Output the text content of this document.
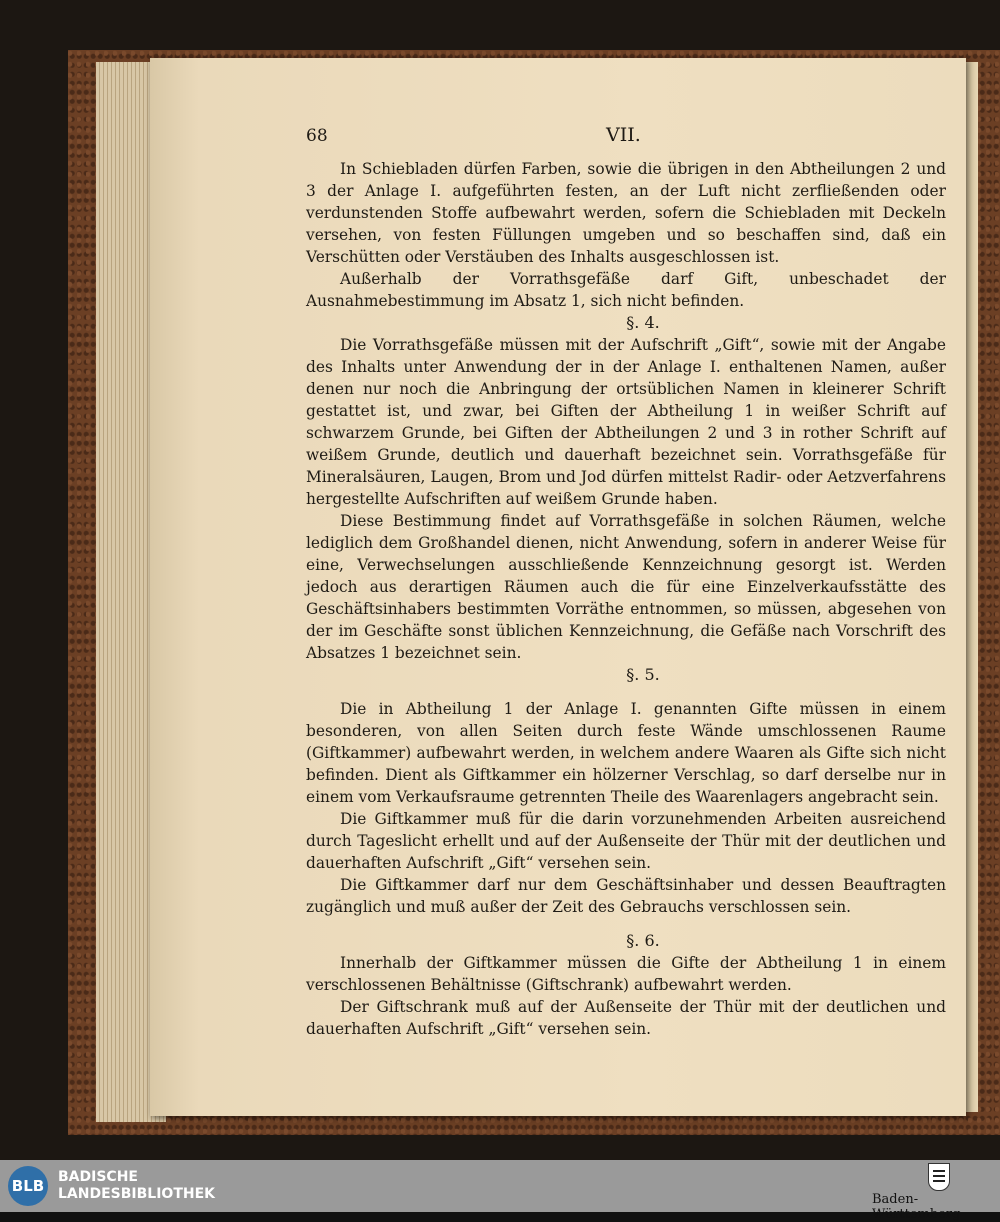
68	VII.

In Schiebladen dürfen Farben, sowie die übrigen in den Abtheilungen 2 und 3 der Anlage I. aufgeführten festen, an der Luft nicht zerfließenden oder verdunstenden Stoffe aufbewahrt werden, sofern die Schiebladen mit Deckeln versehen, von festen Füllungen umgeben und so beschaffen sind, daß ein Verschütten oder Verstäuben des Inhalts ausgeschlossen ist.

Außerhalb der Vorrathsgefäße darf Gift, unbeschadet der Ausnahmebestimmung im Absatz 1, sich nicht befinden.

§. 4.

Die Vorrathsgefäße müssen mit der Aufschrift „Gift“, sowie mit der Angabe des Inhalts unter Anwendung der in der Anlage I. enthaltenen Namen, außer denen nur noch die Anbringung der ortsüblichen Namen in kleinerer Schrift gestattet ist, und zwar, bei Giften der Abtheilung 1 in weißer Schrift auf schwarzem Grunde, bei Giften der Abtheilungen 2 und 3 in rother Schrift auf weißem Grunde, deutlich und dauerhaft bezeichnet sein. Vorrathsgefäße für Mineralsäuren, Laugen, Brom und Jod dürfen mittelst Radir- oder Aetzverfahrens hergestellte Aufschriften auf weißem Grunde haben.

Diese Bestimmung findet auf Vorrathsgefäße in solchen Räumen, welche lediglich dem Großhandel dienen, nicht Anwendung, sofern in anderer Weise für eine, Verwechselungen ausschließende Kennzeichnung gesorgt ist. Werden jedoch aus derartigen Räumen auch die für eine Einzelverkaufsstätte des Geschäftsinhabers bestimmten Vorräthe entnommen, so müssen, abgesehen von der im Geschäfte sonst üblichen Kennzeichnung, die Gefäße nach Vorschrift des Absatzes 1 bezeichnet sein.

§. 5.

Die in Abtheilung 1 der Anlage I. genannten Gifte müssen in einem besonderen, von allen Seiten durch feste Wände umschlossenen Raume (Giftkammer) aufbewahrt werden, in welchem andere Waaren als Gifte sich nicht befinden. Dient als Giftkammer ein hölzerner Verschlag, so darf derselbe nur in einem vom Verkaufsraume getrennten Theile des Waarenlagers angebracht sein.

Die Giftkammer muß für die darin vorzunehmenden Arbeiten ausreichend durch Tageslicht erhellt und auf der Außenseite der Thür mit der deutlichen und dauerhaften Aufschrift „Gift“ versehen sein.

Die Giftkammer darf nur dem Geschäftsinhaber und dessen Beauftragten zugänglich und muß außer der Zeit des Gebrauchs verschlossen sein.

§. 6.

Innerhalb der Giftkammer müssen die Gifte der Abtheilung 1 in einem verschlossenen Behältnisse (Giftschrank) aufbewahrt werden.

Der Giftschrank muß auf der Außenseite der Thür mit der deutlichen und dauerhaften Aufschrift „Gift“ versehen sein.

BLB BADISCHE
LANDESBIBLIOTHEK	Baden-Württemberg
